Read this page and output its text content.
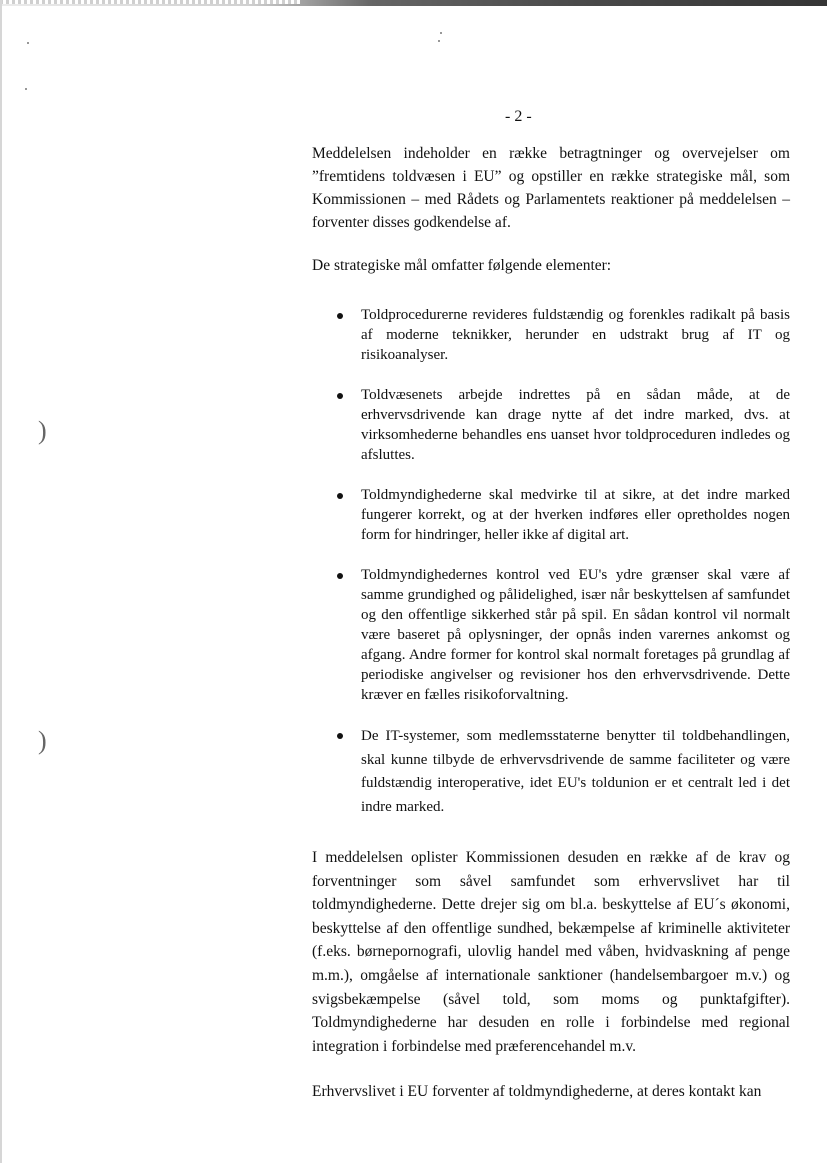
)
)
- 2 -

Meddelelsen indeholder en række betragtninger og overvejelser om ”fremtidens toldvæsen i EU” og opstiller en række strategiske mål, som Kommissionen – med Rådets og Parlamentets reaktioner på meddelelsen – forventer disses godkendelse af.

De strategiske mål omfatter følgende elementer:

Toldprocedurerne revideres fuldstændig og forenkles radikalt på basis af moderne teknikker, herunder en udstrakt brug af IT og risikoanalyser.
Toldvæsenets arbejde indrettes på en sådan måde, at de erhvervsdrivende kan drage nytte af det indre marked, dvs. at virksomhederne behandles ens uanset hvor toldproceduren indledes og afsluttes.
Toldmyndighederne skal medvirke til at sikre, at det indre marked fungerer korrekt, og at der hverken indføres eller opretholdes nogen form for hindringer, heller ikke af digital art.
Toldmyndighedernes kontrol ved EU's ydre grænser skal være af samme grundighed og pålidelighed, især når beskyttelsen af samfundet og den offentlige sikkerhed står på spil. En sådan kontrol vil normalt være baseret på oplysninger, der opnås inden varernes ankomst og afgang. Andre former for kontrol skal normalt foretages på grundlag af periodiske angivelser og revisioner hos den erhvervsdrivende. Dette kræver en fælles risikoforvaltning.
De IT-systemer, som medlemsstaterne benytter til toldbehandlingen, skal kunne tilbyde de erhvervsdrivende de samme faciliteter og være fuldstændig interoperative, idet EU's toldunion er et centralt led i det indre marked.

I meddelelsen oplister Kommissionen desuden en række af de krav og forventninger som såvel samfundet som erhvervslivet har til toldmyndighederne. Dette drejer sig om bl.a. beskyttelse af EU´s økonomi, beskyttelse af den offentlige sundhed, bekæmpelse af kriminelle aktiviteter (f.eks. børnepornografi, ulovlig handel med våben, hvidvaskning af penge m.m.), omgåelse af internationale sanktioner (handelsembargoer m.v.) og svigsbekæmpelse (såvel told, som moms og punktafgifter). Toldmyndighederne har desuden en rolle i forbindelse med regional integration i forbindelse med præferencehandel m.v.

Erhvervslivet i EU forventer af toldmyndighederne, at deres kontakt kan
